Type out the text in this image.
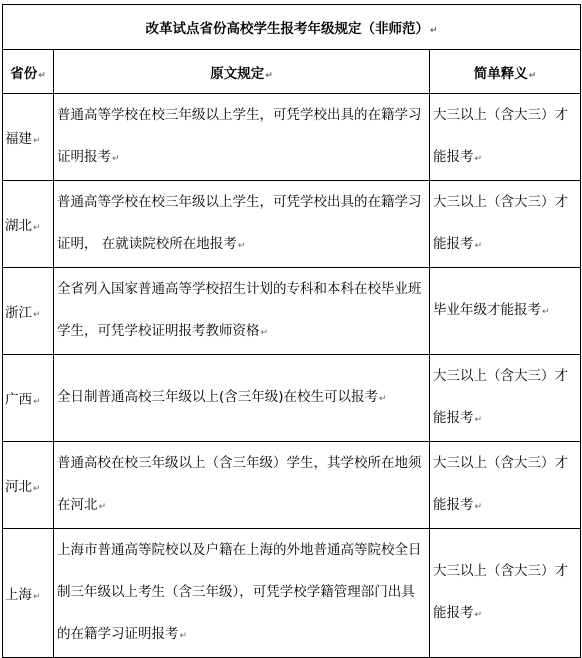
改革试点省份高校学生报考年级规定（非师范）↵		
省份↵	原文规定↵	简单释义↵
福建↵	普通高等学校在校三年级以上学生，可凭学校出具的在籍学习证明报考↵	大三以上（含大三）才能报考↵
湖北↵	普通高等学校在校三年级以上学生，可凭学校出具的在籍学习证明， 在就读院校所在地报考↵	大三以上（含大三）才能报考↵
浙江↵	全省列入国家普通高等学校招生计划的专科和本科在校毕业班学生，可凭学校证明报考教师资格↵	毕业年级才能报考↵
广西↵	全日制普通高校三年级以上(含三年级)在校生可以报考↵	大三以上（含大三）才能报考↵
河北↵	普通高校在校三年级以上（含三年级）学生，其学校所在地须在河北↵	大三以上（含大三）才能报考↵
上海↵	上海市普通高等院校以及户籍在上海的外地普通高等院校全日制三年级以上考生（含三年级），可凭学校学籍管理部门出具的在籍学习证明报考↵	大三以上（含大三）才能报考↵
